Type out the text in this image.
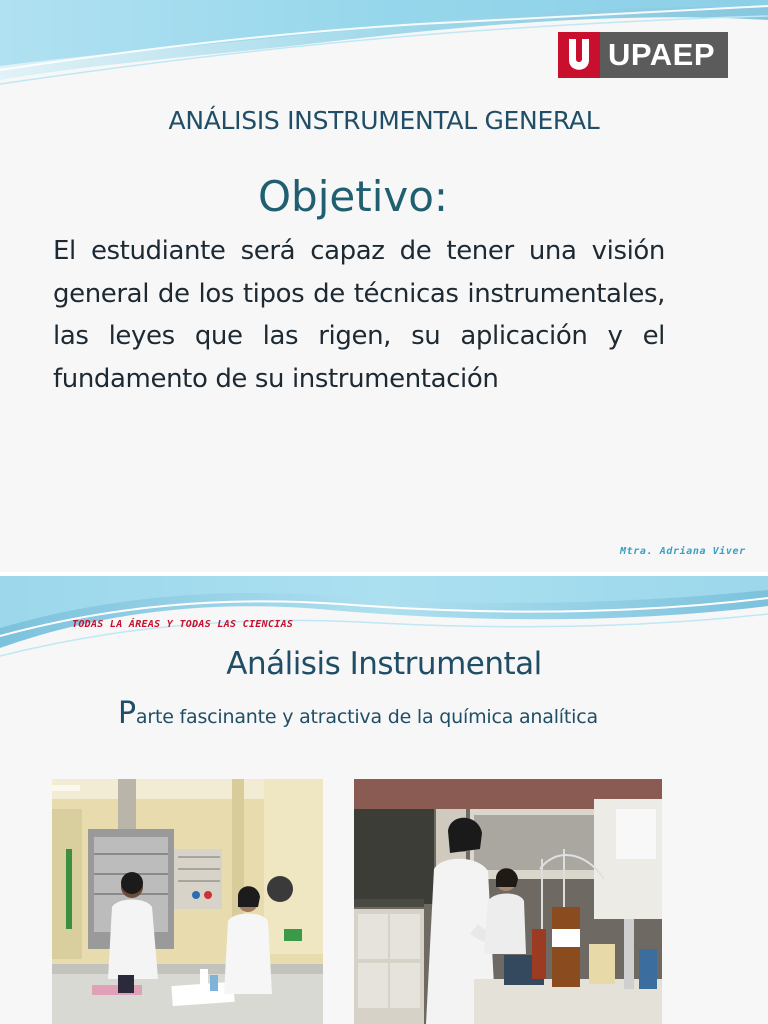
UPAEP
ANÁLISIS INSTRUMENTAL GENERAL
Objetivo:
El estudiante será capaz de tener una visión general de los tipos de técnicas instrumentales, las leyes que las rigen, su aplicación y el fundamento de su instrumentación
Mtra. Adriana Viver
TODAS LA ÁREAS Y TODAS LAS CIENCIAS
Análisis Instrumental
Parte fascinante y atractiva de la química analítica
